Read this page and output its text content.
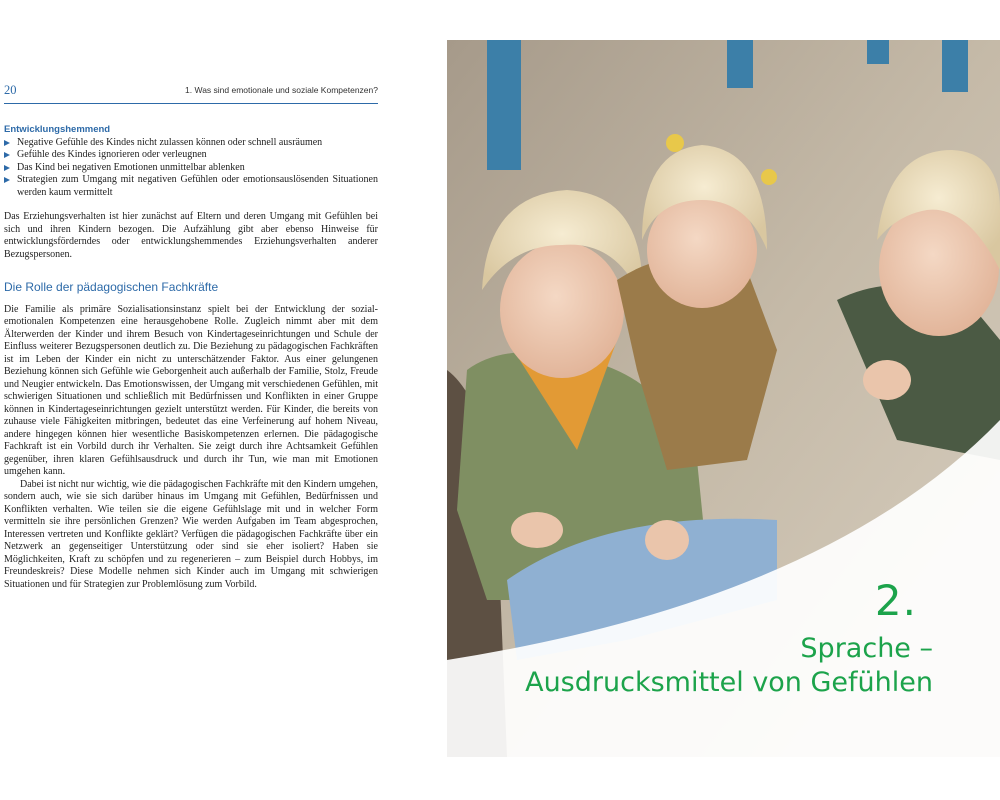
20	1. Was sind emotionale und soziale Kompetenzen?

Entwicklungshemmend

Negative Gefühle des Kindes nicht zulassen können oder schnell ausräumen
Gefühle des Kindes ignorieren oder verleugnen
Das Kind bei negativen Emotionen unmittelbar ablenken
Strategien zum Umgang mit negativen Gefühlen oder emotionsauslösenden Situationen werden kaum vermittelt

Das Erziehungsverhalten ist hier zunächst auf Eltern und deren Umgang mit Gefühlen bei sich und ihren Kindern bezogen. Die Aufzählung gibt aber ebenso Hinweise für entwicklungsförderndes oder entwicklungshemmendes Erziehungsverhalten anderer Bezugspersonen.

Die Rolle der pädagogischen Fachkräfte

Die Familie als primäre Sozialisationsinstanz spielt bei der Entwicklung der sozial-emotionalen Kompetenzen eine herausgehobene Rolle. Zugleich nimmt aber mit dem Älterwerden der Kinder und ihrem Besuch von Kindertageseinrichtungen und Schule der Einfluss weiterer Bezugspersonen deutlich zu. Die Beziehung zu pädagogischen Fachkräften ist im Leben der Kinder ein nicht zu unterschätzender Faktor. Aus einer gelungenen Beziehung können sich Gefühle wie Geborgenheit auch außerhalb der Familie, Stolz, Freude und Neugier entwickeln. Das Emotionswissen, der Umgang mit verschiedenen Gefühlen, mit schwierigen Situationen und schließlich mit Bedürfnissen und Konflikten in einer Gruppe können in Kindertageseinrichtungen gezielt unterstützt werden. Für Kinder, die bereits von zuhause viele Fähigkeiten mitbringen, bedeutet das eine Verfeinerung auf hohem Niveau, andere hingegen können hier wesentliche Basiskompetenzen erlernen. Die pädagogische Fachkraft ist ein Vorbild durch ihr Verhalten. Sie zeigt durch ihre Achtsamkeit Gefühlen gegenüber, ihren klaren Gefühlsausdruck und durch ihr Tun, wie man mit Emotionen umgehen kann.

Dabei ist nicht nur wichtig, wie die pädagogischen Fachkräfte mit den Kindern umgehen, sondern auch, wie sie sich darüber hinaus im Umgang mit Gefühlen, Bedürfnissen und Konflikten verhalten. Wie teilen sie die eigene Gefühlslage mit und in welcher Form vermitteln sie ihre persönlichen Grenzen? Wie werden Aufgaben im Team abgesprochen, Interessen vertreten und Konflikte geklärt? Verfügen die pädagogischen Fachkräfte über ein Netzwerk an gegenseitiger Unterstützung oder sind sie eher isoliert? Haben sie Möglichkeiten, Kraft zu schöpfen und zu regenerieren – zum Beispiel durch Hobbys, im Freundeskreis? Diese Modelle nehmen sich Kinder auch im Umgang mit schwierigen Situationen und für Strategien zur Problemlösung zum Vorbild.	2.
Sprache –
Ausdrucksmittel von Gefühlen
